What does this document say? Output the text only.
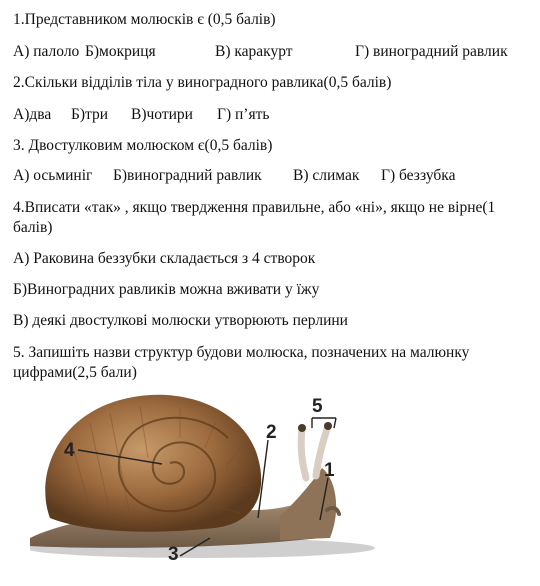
1.Представником молюсків є (0,5 балів)
А) палоло Б)мокриця	В) каракурт	Г) виноградний равлик
2.Скільки відділів тіла у виноградного равлика(0,5 балів)
А)два Б)три В)чотири Г) п’ять
3. Двостулковим молюском є(0,5 балів)
А) осьминіг Б)виноградний равлик В) слимак Г) беззубка
4.Вписати «так» , якщо твердження правильне, або «ні», якщо не вірне(1
балів)
А) Раковина беззубки складається з 4 створок
Б)Виноградних равликів можна вживати у їжу
В) деякі двостулкові молюски утворюють перлини
5. Запишіть назви структур будови молюска, позначених на малюнку
цифрами(2,5 бали)
4
2
1
3
5
